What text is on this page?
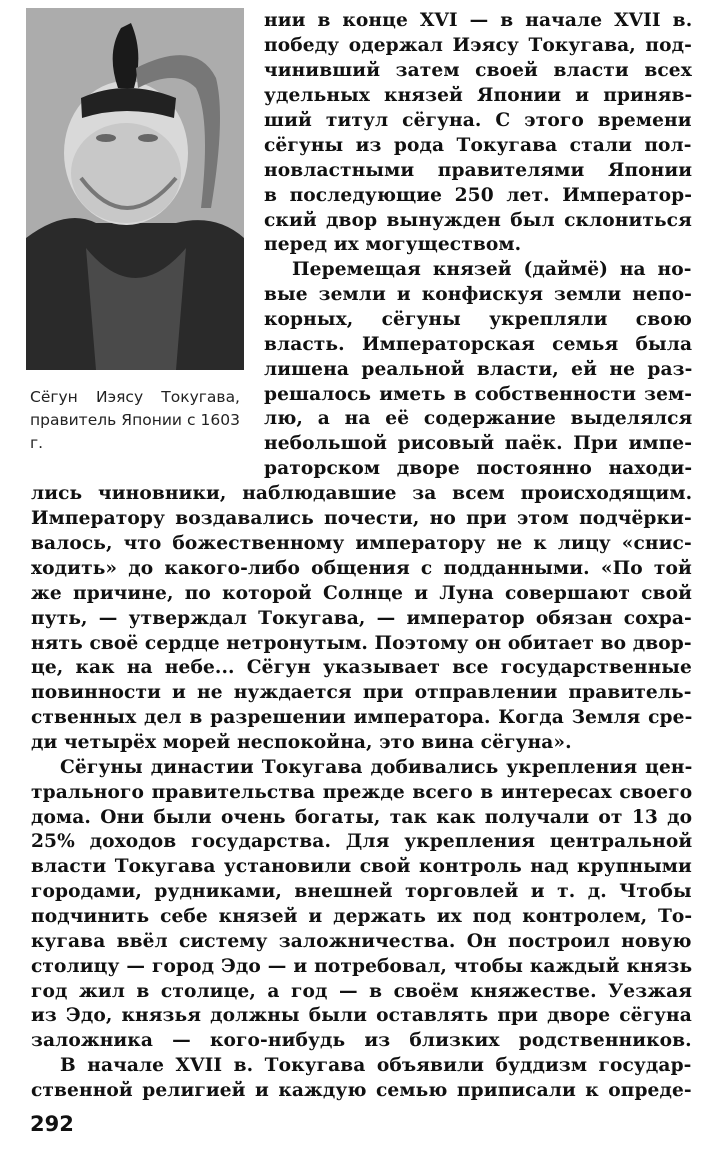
Сёгун Иэясу Токугава, правитель Японии с 1603 г.
нии в конце XVI — в начале XVII в.
победу одержал Иэясу Токугава, под-
чинивший затем своей власти всех
удельных князей Японии и приняв-
ший титул сёгуна. С этого времени
сёгуны из рода Токугава стали пол-
новластными правителями Японии
в последующие 250 лет. Император-
ский двор вынужден был склониться
перед их могуществом.
Перемещая князей (даймё) на но-
вые земли и конфискуя земли непо-
корных, сёгуны укрепляли свою
власть. Императорская семья была
лишена реальной власти, ей не раз-
решалось иметь в собственности зем-
лю, а на её содержание выделялся
небольшой рисовый паёк. При импе-
раторском дворе постоянно находи-
лись чиновники, наблюдавшие за всем происходящим.
Императору воздавались почести, но при этом подчёрки-
валось, что божественному императору не к лицу «снис-
ходить» до какого-либо общения с подданными. «По той
же причине, по которой Солнце и Луна совершают свой
путь, — утверждал Токугава, — император обязан сохра-
нять своё сердце нетронутым. Поэтому он обитает во двор-
це, как на небе... Сёгун указывает все государственные
повинности и не нуждается при отправлении правитель-
ственных дел в разрешении императора. Когда Земля сре-
ди четырёх морей неспокойна, это вина сёгуна».
Сёгуны династии Токугава добивались укрепления цен-
трального правительства прежде всего в интересах своего
дома. Они были очень богаты, так как получали от 13 до
25% доходов государства. Для укрепления центральной
власти Токугава установили свой контроль над крупными
городами, рудниками, внешней торговлей и т. д. Чтобы
подчинить себе князей и держать их под контролем, То-
кугава ввёл систему заложничества. Он построил новую
столицу — город Эдо — и потребовал, чтобы каждый князь
год жил в столице, а год — в своём княжестве. Уезжая
из Эдо, князья должны были оставлять при дворе сёгуна
заложника — кого-нибудь из близких родственников.
В начале XVII в. Токугава объявили буддизм государ-
ственной религией и каждую семью приписали к опреде-
292
